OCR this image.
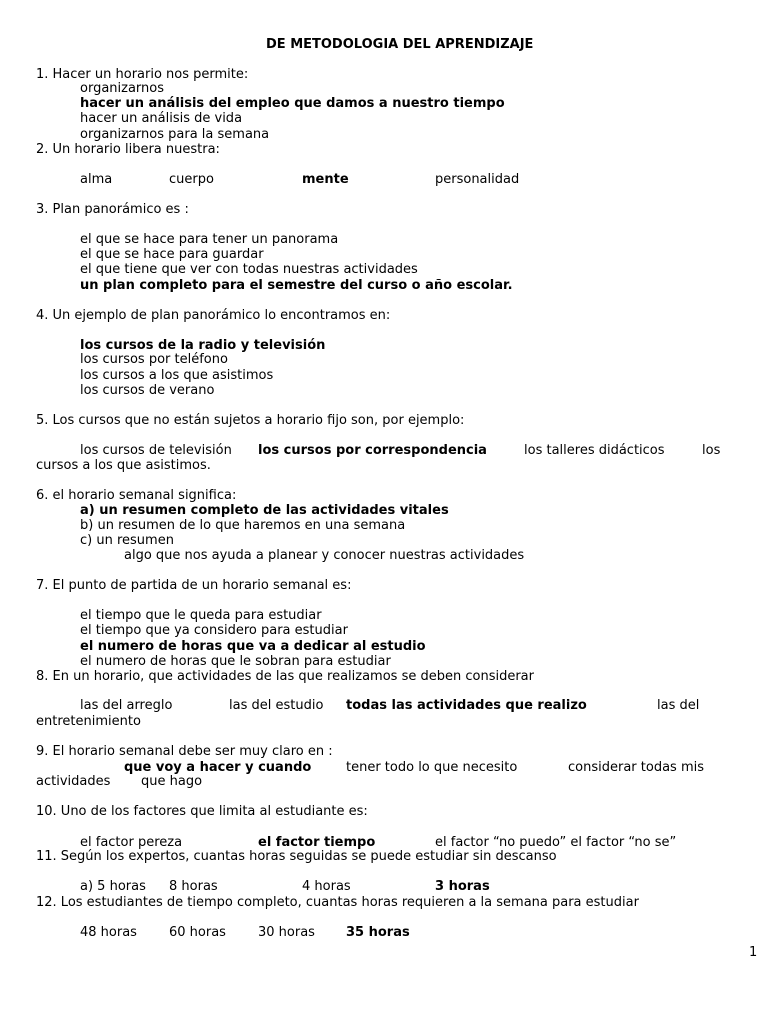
DE METODOLOGIA DEL APRENDIZAJE
1. Hacer un horario nos permite:
organizarnos
hacer un análisis del empleo que damos a nuestro tiempo
hacer un análisis de vida
organizarnos para la semana
2. Un horario libera nuestra:
alma	cuerpo	mente	personalidad
3. Plan panorámico es :
el que se hace para tener un panorama
el que se hace para guardar
el que tiene que ver con todas nuestras actividades
un plan completo para el semestre del curso o año escolar.
4. Un ejemplo de plan panorámico lo encontramos en:
los cursos de la radio y televisión
los cursos por teléfono
los cursos a los que asistimos
los cursos de verano
5. Los cursos que no están sujetos a horario fijo son, por ejemplo:
los cursos de televisión los cursos por correspondencia	los talleres didácticos	los
cursos a los que asistimos.
6. el horario semanal significa:
a) un resumen completo de las actividades vitales
b) un resumen de lo que haremos en una semana
c) un resumen
algo que nos ayuda a planear y conocer nuestras actividades
7. El punto de partida de un horario semanal es:
el tiempo que le queda para estudiar
el tiempo que ya considero para estudiar
el numero de horas que va a dedicar al estudio
el numero de horas que le sobran para estudiar
8. En un horario, que actividades de las que realizamos se deben considerar
las del arreglo	las del estudio todas las actividades que realizo	las del
entretenimiento
9. El horario semanal debe ser muy claro en :
que voy a hacer y cuando	tener todo lo que necesito	considerar todas mis
actividades que hago
10. Uno de los factores que limita al estudiante es:
el factor pereza	el factor tiempo	el factor “no puedo” el factor “no se”
11. Según los expertos, cuantas horas seguidas se puede estudiar sin descanso
a) 5 horas 8 horas	4 horas	3 horas
12. Los estudiantes de tiempo completo, cuantas horas requieren a la semana para estudiar
48 horas 60 horas 30 horas 35 horas
1
